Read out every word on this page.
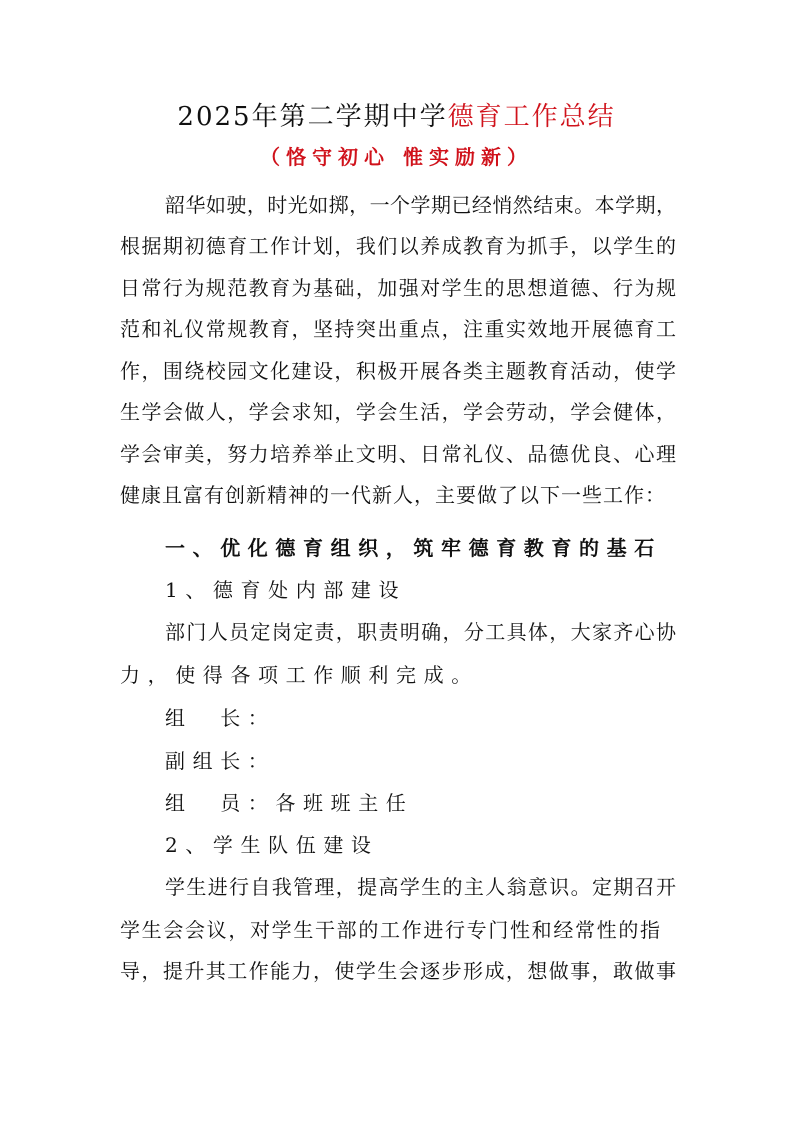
2025年第二学期中学德育工作总结
（恪守初心 惟实励新）
韶华如驶，时光如掷，一个学期已经悄然结束。本学期，
根据期初德育工作计划，我们以养成教育为抓手，以学生的
日常行为规范教育为基础，加强对学生的思想道德、行为规
范和礼仪常规教育，坚持突出重点，注重实效地开展德育工
作，围绕校园文化建设，积极开展各类主题教育活动，使学
生学会做人，学会求知，学会生活，学会劳动，学会健体，
学会审美，努力培养举止文明、日常礼仪、品德优良、心理
健康且富有创新精神的一代新人，主要做了以下一些工作：
一、优化德育组织，筑牢德育教育的基石
1、德育处内部建设
部门人员定岗定责，职责明确，分工具体，大家齐心协
力，使得各项工作顺利完成。
组　长：
副组长：
组　员：各班班主任
2、学生队伍建设
学生进行自我管理，提高学生的主人翁意识。定期召开
学生会会议，对学生干部的工作进行专门性和经常性的指
导，提升其工作能力，使学生会逐步形成，想做事，敢做事
